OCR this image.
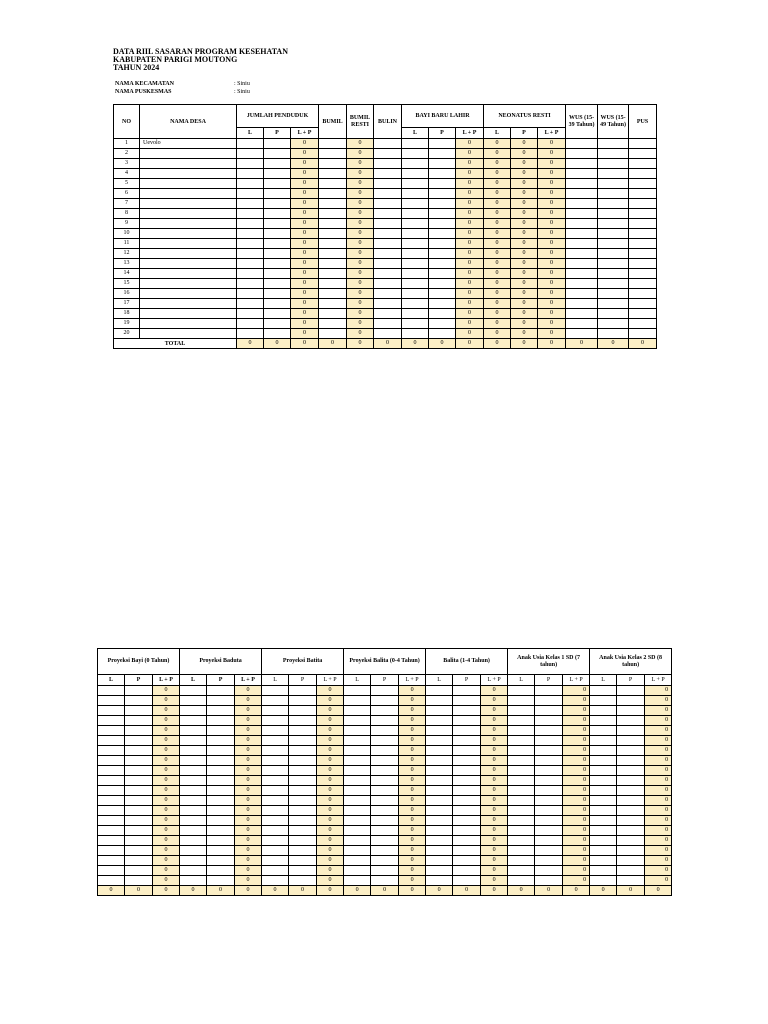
DATA RIIL SASARAN PROGRAM KESEHATAN
KABUPATEN PARIGI MOUTONG
TAHUN 2024
NAMA KECAMATAN	: Siniu
NAMA PUSKESMAS	: Siniu
NO	NAMA DESA	JUMLAH PENDUDUK			BUMIL	BUMIL RESTI	BULIN	BAYI BARU LAHIR			NEONATUS RESTI			WUS (15-39 Tahun)	WUS (15-49 Tahun)	PUS
		L	P	L + P				L	P	L + P	L	P	L + P			
1	Uevolo			0		0				0	0	0	0			
2				0		0				0	0	0	0			
3				0		0				0	0	0	0			
4				0		0				0	0	0	0			
5				0		0				0	0	0	0			
6				0		0				0	0	0	0			
7				0		0				0	0	0	0			
8				0		0				0	0	0	0			
9				0		0				0	0	0	0			
10				0		0				0	0	0	0			
11				0		0				0	0	0	0			
12				0		0				0	0	0	0			
13				0		0				0	0	0	0			
14				0		0				0	0	0	0			
15				0		0				0	0	0	0			
16				0		0				0	0	0	0			
17				0		0				0	0	0	0			
18				0		0				0	0	0	0			
19				0		0				0	0	0	0			
20				0		0				0	0	0	0			
TOTAL		0	0	0	0	0	0	0	0	0	0	0	0	0	0	0
Proyeksi Bayi (0 Tahun)			Proyeksi Baduta			Proyeksi Batita			Proyeksi Balita (0-4 Tahun)			Balita (1-4 Tahun)			Anak Usia Kelas 1 SD (7 tahun)			Anak Usia Kelas 2 SD (8 tahun)		
L	P	L + P	L	P	L + P	L	P	L + P	L	P	L + P	L	P	L + P	L	P	L + P	L	P	L + P
		0			0			0			0			0			0			0
		0			0			0			0			0			0			0
		0			0			0			0			0			0			0
		0			0			0			0			0			0			0
		0			0			0			0			0			0			0
		0			0			0			0			0			0			0
		0			0			0			0			0			0			0
		0			0			0			0			0			0			0
		0			0			0			0			0			0			0
		0			0			0			0			0			0			0
		0			0			0			0			0			0			0
		0			0			0			0			0			0			0
		0			0			0			0			0			0			0
		0			0			0			0			0			0			0
		0			0			0			0			0			0			0
		0			0			0			0			0			0			0
		0			0			0			0			0			0			0
		0			0			0			0			0			0			0
		0			0			0			0			0			0			0
		0			0			0			0			0			0			0
0	0	0	0	0	0	0	0	0	0	0	0	0	0	0	0	0	0	0	0	0
